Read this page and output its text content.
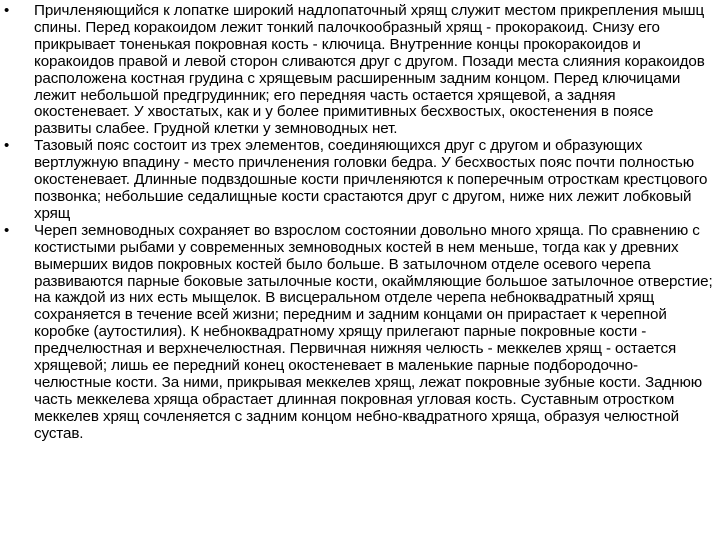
• Причленяющийся к лопатке широкий надлопаточный хрящ служит местом прикрепления мышц спины. Перед коракоидом лежит тонкий палочкообразный хрящ - прокоракоид. Снизу его прикрывает тоненькая покровная кость - ключица. Внутренние концы прокоракоидов и коракоидов правой и левой сторон сливаются друг с другом. Позади места слияния коракоидов расположена костная грудина с хрящевым расширенным задним концом. Перед ключицами лежит небольшой предгрудинник; его передняя часть остается хрящевой, а задняя окостеневает. У хвостатых, как и у более примитивных бесхвостых, окостенения в поясе развиты слабее. Грудной клетки у земноводных нет.
• Тазовый пояс состоит из трех элементов, соединяющихся друг с другом и образующих вертлужную впадину - место причленения головки бедра. У бесхвостых пояс почти полностью окостеневает. Длинные подвздошные кости причленяются к поперечным отросткам крестцового позвонка; небольшие седалищные кости срастаются друг с другом, ниже них лежит лобковый хрящ
• Череп земноводных сохраняет во взрослом состоянии довольно много хряща. По сравнению с костистыми рыбами у современных земноводных костей в нем меньше, тогда как у древних вымерших видов покровных костей было больше. В затылочном отделе осевого черепа развиваются парные боковые затылочные кости, окаймляющие большое затылочное отверстие; на каждой из них есть мыщелок. В висцеральном отделе черепа небноквадратный хрящ сохраняется в течение всей жизни; передним и задним концами он прирастает к черепной коробке (аутостилия). К небноквадратному хрящу прилегают парные покровные кости - предчелюстная и верхнечелюстная. Первичная нижняя челюсть - меккелев хрящ - остается хрящевой; лишь ее передний конец окостеневает в маленькие парные подбородочно-челюстные кости. За ними, прикрывая меккелев хрящ, лежат покровные зубные кости. Заднюю часть меккелева хряща обрастает длинная покровная угловая кость. Суставным отростком меккелев хрящ сочленяется с задним концом небно-квадратного хряща, образуя челюстной сустав.
